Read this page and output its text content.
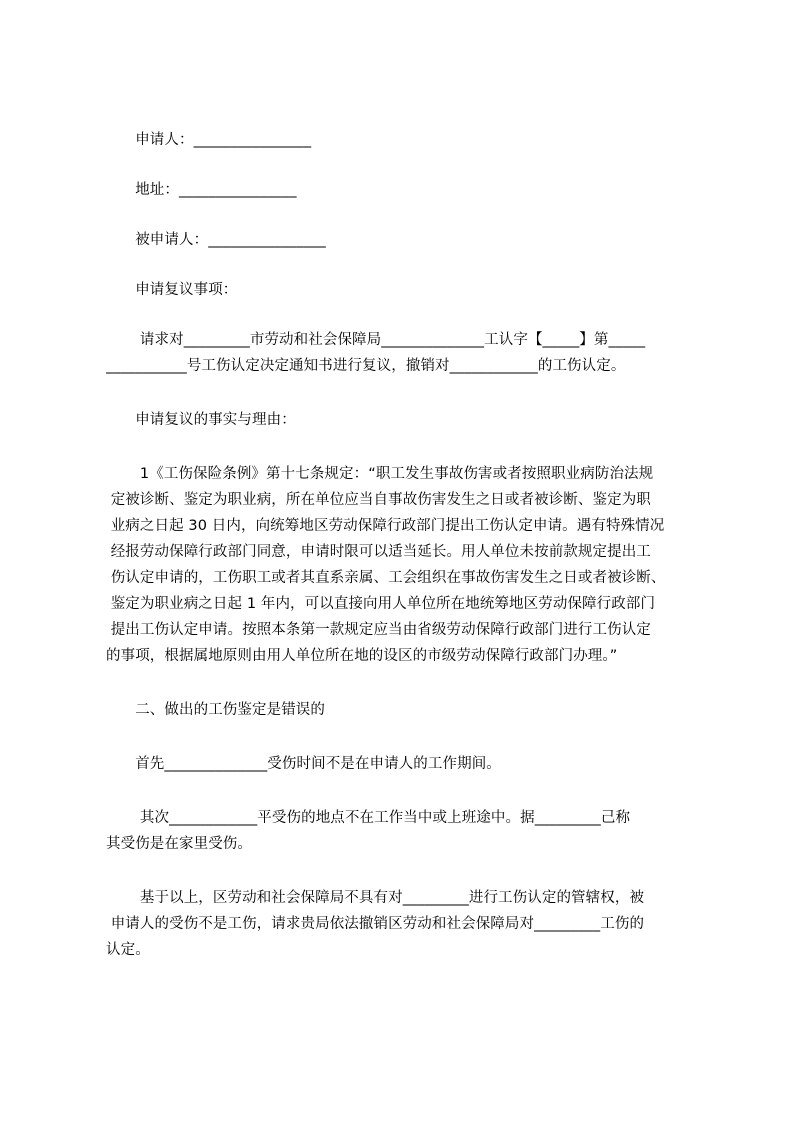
　　申请人：________________
　　地址：________________
　　被申请人：________________
　　申请复议事项：
　　 请求对_________市劳动和社会保障局______________工认字【_____】第_____
___________号工伤认定决定通知书进行复议，撤销对____________的工伤认定。
　　申请复议的事实与理由：
　　 1《工伤保险条例》第十七条规定：“职工发生事故伤害或者按照职业病防治法规
定被诊断、鉴定为职业病，所在单位应当自事故伤害发生之日或者被诊断、鉴定为职
业病之日起 30 日内，向统筹地区劳动保障行政部门提出工伤认定申请。遇有特殊情况
经报劳动保障行政部门同意，申请时限可以适当延长。用人单位未按前款规定提出工
伤认定申请的，工伤职工或者其直系亲属、工会组织在事故伤害发生之日或者被诊断、
鉴定为职业病之日起 1 年内，可以直接向用人单位所在地统筹地区劳动保障行政部门
提出工伤认定申请。按照本条第一款规定应当由省级劳动保障行政部门进行工伤认定
的事项，根据属地原则由用人单位所在地的设区的市级劳动保障行政部门办理。”
　　二、做出的工伤鉴定是错误的
　　首先______________受伤时间不是在申请人的工作期间。
　　 其次____________平受伤的地点不在工作当中或上班途中。据_________己称
其受伤是在家里受伤。
　　 基于以上，区劳动和社会保障局不具有对_________进行工伤认定的管辖权，被
申请人的受伤不是工伤，请求贵局依法撤销区劳动和社会保障局对_________工伤的
认定。
